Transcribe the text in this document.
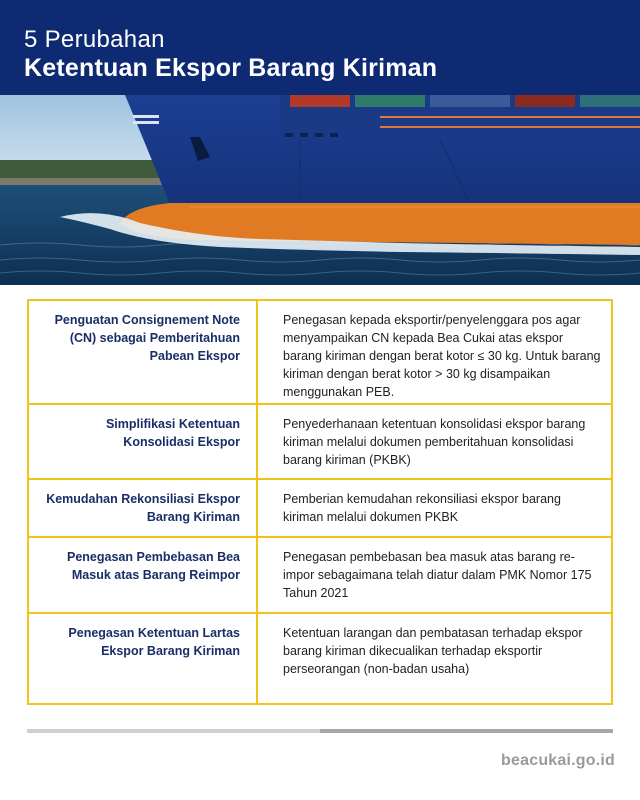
5 Perubahan
Ketentuan Ekspor Barang Kiriman
Penguatan Consignement Note (CN) sebagai Pemberitahuan Pabean Ekspor
Penegasan kepada eksportir/penyelenggara pos agar menyampaikan CN kepada Bea Cukai atas ekspor barang kiriman dengan berat kotor ≤ 30 kg. Untuk barang kiriman dengan berat kotor > 30 kg disampaikan menggunakan PEB.
Simplifikasi Ketentuan Konsolidasi Ekspor
Penyederhanaan ketentuan konsolidasi ekspor barang kiriman melalui dokumen pemberitahuan konsolidasi barang kiriman (PKBK)
Kemudahan Rekonsiliasi Ekspor Barang Kiriman
Pemberian kemudahan rekonsiliasi ekspor barang kiriman melalui dokumen PKBK
Penegasan Pembebasan Bea Masuk atas Barang Reimpor
Penegasan pembebasan bea masuk atas barang re-impor sebagaimana telah diatur dalam PMK Nomor 175 Tahun 2021
Penegasan Ketentuan Lartas Ekspor Barang Kiriman
Ketentuan larangan dan pembatasan terhadap ekspor barang kiriman dikecualikan terhadap eksportir perseorangan (non-badan usaha)
beacukai.go.id
